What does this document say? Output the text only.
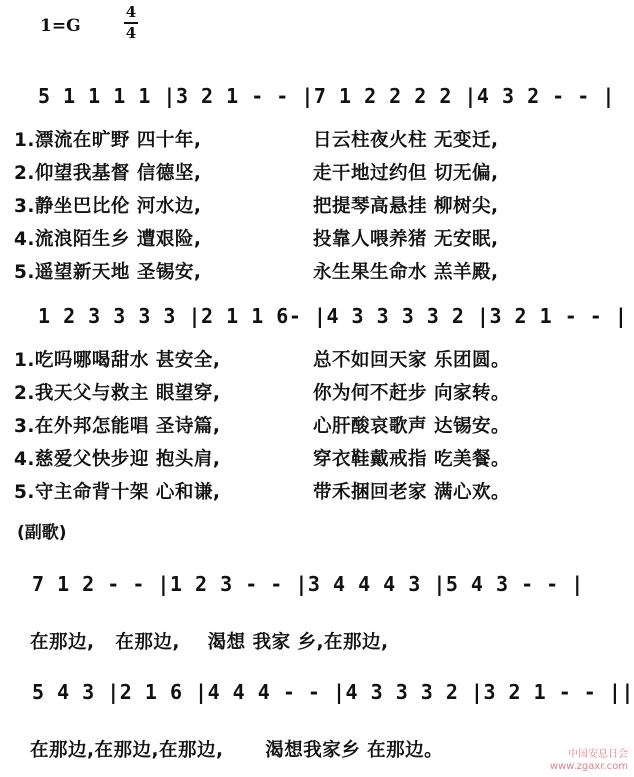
1=G
4
4
5 1 1 1 1 |3 2 1 - - |7 1 2 2 2 2 |4 3 2 - - |
1.漂流在旷野 四十年,	日云柱夜火柱 无变迁,
2.仰望我基督 信德坚,	走干地过约但 切无偏,
3.静坐巴比伦 河水边,	把提琴高悬挂 柳树尖,
4.流浪陌生乡 遭艰险,	投靠人喂养猪 无安眠,
5.遥望新天地 圣锡安,	永生果生命水 羔羊殿,
1 2 3 3 3 3 |2 1 1 6- |4 3 3 3 3 2 |3 2 1 - - |
1.吃吗哪喝甜水 甚安全,	总不如回天家 乐团圆。
2.我天父与救主 眼望穿,	你为何不赶步 向家转。
3.在外邦怎能唱 圣诗篇,	心肝酸哀歌声 达锡安。
4.慈爱父快步迎 抱头肩,	穿衣鞋戴戒指 吃美餐。
5.守主命背十架 心和谦,	带禾捆回老家 满心欢。
(副歌)
7 1 2 - - |1 2 3 - - |3 4 4 4 3 |5 4 3 - - |
在那边,   在那边,    渴想 我家 乡,在那边,
5 4 3 |2 1 6 |4 4 4 - - |4 3 3 3 2 |3 2 1 - - ||
在那边,在那边,在那边,      渴想我家乡 在那边。	中国安息日会
www.zgaxr.com
